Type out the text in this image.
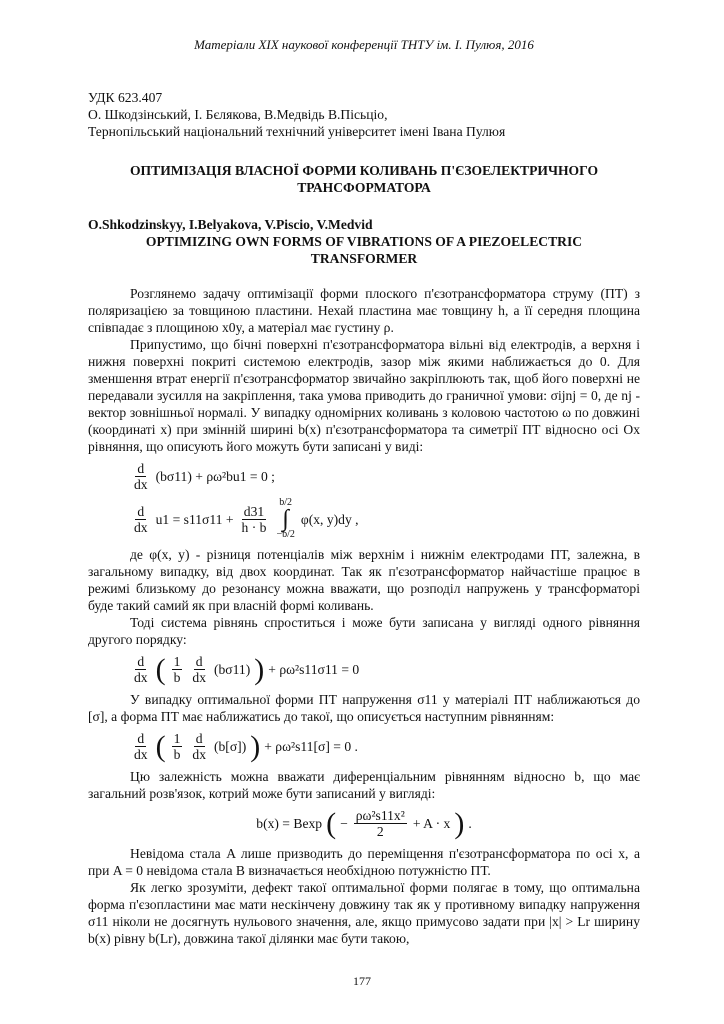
Матеріали ХІХ наукової конференції ТНТУ ім. І. Пулюя, 2016
УДК 623.407
О. Шкодзінський, І. Бєлякова, В.Медвідь В.Пісьціо,
Тернопільський національний технічний університет імені Івана Пулюя
ОПТИМІЗАЦІЯ ВЛАСНОЇ ФОРМИ КОЛИВАНЬ П'ЄЗОЕЛЕКТРИЧНОГО
ТРАНСФОРМАТОРА
O.Shkodzinskyy, I.Belyakova, V.Piscio, V.Medvid
OPTIMIZING OWN FORMS OF VIBRATIONS OF A PIEZOELECTRIC
TRANSFORMER

Розглянемо задачу оптимізації форми плоского п'єзотрансформатора струму (ПТ) з поляризацією за товщиною пластини. Нехай пластина має товщину h, а її середня площина співпадає з площиною x0y, а матеріал має густину ρ.

Припустимо, що бічні поверхні п'єзотрансформатора вільні від електродів, а верхня і нижня поверхні покриті системою електродів, зазор між якими наближається до 0. Для зменшення втрат енергії п'єзотрансформатор звичайно закріплюють так, щоб його поверхні не передавали зусилля на закріплення, така умова приводить до граничної умови: σijnj = 0, де nj - вектор зовнішньої нормалі. У випадку одномірних коливань з коловою частотою ω по довжині (координаті x) при змінній ширині b(x) п'єзотрансформатора та симетрії ПТ відносно осі Ox рівняння, що описують його можуть бути записані у виді:

$\frac{d}{dx} (b\sigma 11) + \rho\omega^2bu1 = 0$ ;
$\frac{d}{dx} u1 = s11\sigma 11 + \frac{d31}{h \cdot b}$
b/2
∫
−b/2
φ(x, y)dy ,

де φ(x, y) - різниця потенціалів між верхнім і нижнім електродами ПТ, залежна, в загальному випадку, від двох координат. Так як п'єзотрансформатор найчастіше працює в режимі близькому до резонансу можна вважати, що розподіл напружень у трансформаторі буде такий самий як при власній формі коливань.

Тоді система рівнянь спроститься і може бути записана у вигляді одного рівняння другого порядку:

$\frac{d}{dx}$ ( $\frac{1}{b} \frac{d}{dx} (b\sigma 11)$ ) + ρω²s11σ11 = 0

У випадку оптимальної форми ПТ напруження σ11 у матеріалі ПТ наближаються до [σ], а форма ПТ має наближатись до такої, що описується наступним рівнянням:

$\frac{d}{dx}$ ( $\frac{1}{b} \frac{d}{dx} (b[\sigma])$ ) + ρω²s11[σ] = 0 .

Цю залежність можна вважати диференціальним рівнянням відносно b, що має загальний розв'язок, котрий може бути записаний у вигляді:

b(x) = Bexp ( − $\frac{\text{ρω²s11x²}}{2} + A \cdot x$ ) .

Невідома стала A лише призводить до переміщення п'єзотрансформатора по осі x, а при A = 0 невідома стала B визначається необхідною потужністю ПТ.

Як легко зрозуміти, дефект такої оптимальної форми полягає в тому, що оптимальна форма п'єзопластини має мати нескінчену довжину так як у противному випадку напруження σ11 ніколи не досягнуть нульового значення, але, якщо примусово задати при |x| > Lr ширину b(x) рівну b(Lr), довжина такої ділянки має бути такою,

177
